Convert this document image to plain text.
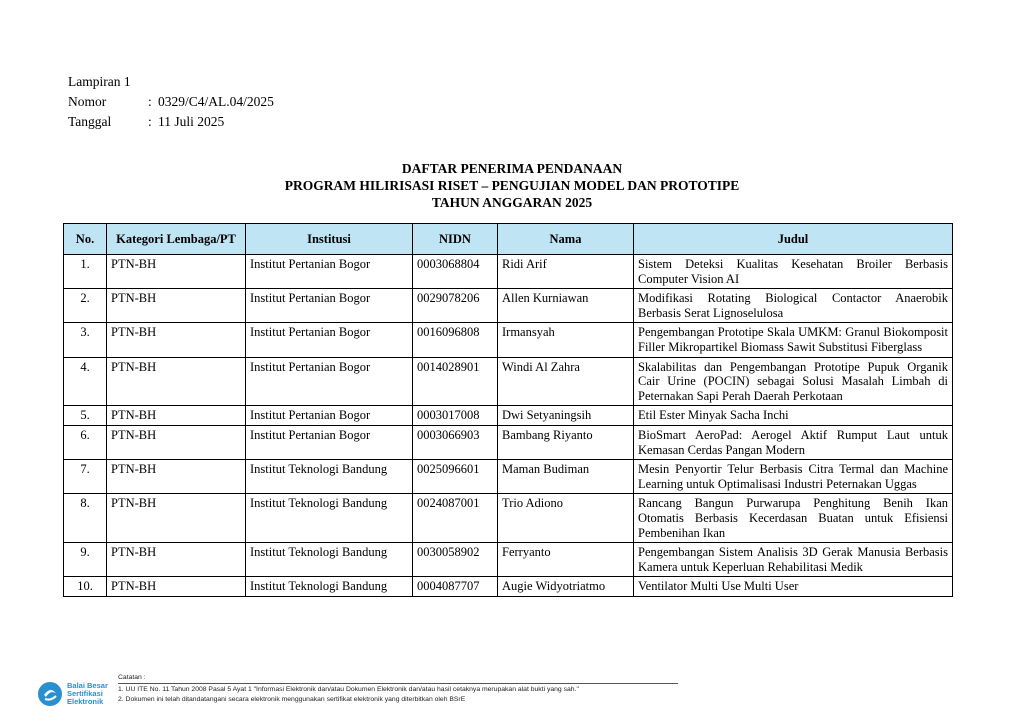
Lampiran 1
Nomor	: 0329/C4/AL.04/2025
Tanggal	: 11 Juli 2025
DAFTAR PENERIMA PENDANAAN
PROGRAM HILIRISASI RISET – PENGUJIAN MODEL DAN PROTOTIPE
TAHUN ANGGARAN 2025
No.	Kategori Lembaga/PT	Institusi	NIDN	Nama	Judul
1.	PTN-BH	Institut Pertanian Bogor	0003068804	Ridi Arif	Sistem Deteksi Kualitas Kesehatan Broiler Berbasis Computer Vision AI
2.	PTN-BH	Institut Pertanian Bogor	0029078206	Allen Kurniawan	Modifikasi Rotating Biological Contactor Anaerobik Berbasis Serat Lignoselulosa
3.	PTN-BH	Institut Pertanian Bogor	0016096808	Irmansyah	Pengembangan Prototipe Skala UMKM: Granul Biokomposit Filler Mikropartikel Biomass Sawit Substitusi Fiberglass
4.	PTN-BH	Institut Pertanian Bogor	0014028901	Windi Al Zahra	Skalabilitas dan Pengembangan Prototipe Pupuk Organik Cair Urine (POCIN) sebagai Solusi Masalah Limbah di Peternakan Sapi Perah Daerah Perkotaan
5.	PTN-BH	Institut Pertanian Bogor	0003017008	Dwi Setyaningsih	Etil Ester Minyak Sacha Inchi
6.	PTN-BH	Institut Pertanian Bogor	0003066903	Bambang Riyanto	BioSmart AeroPad: Aerogel Aktif Rumput Laut untuk Kemasan Cerdas Pangan Modern
7.	PTN-BH	Institut Teknologi Bandung	0025096601	Maman Budiman	Mesin Penyortir Telur Berbasis Citra Termal dan Machine Learning untuk Optimalisasi Industri Peternakan Uggas
8.	PTN-BH	Institut Teknologi Bandung	0024087001	Trio Adiono	Rancang Bangun Purwarupa Penghitung Benih Ikan Otomatis Berbasis Kecerdasan Buatan untuk Efisiensi Pembenihan Ikan
9.	PTN-BH	Institut Teknologi Bandung	0030058902	Ferryanto	Pengembangan Sistem Analisis 3D Gerak Manusia Berbasis Kamera untuk Keperluan Rehabilitasi Medik
10.	PTN-BH	Institut Teknologi Bandung	0004087707	Augie Widyotriatmo	Ventilator Multi Use Multi User
Balai Besar
Sertifikasi
Elektronik
Catatan :
1. UU ITE No. 11 Tahun 2008 Pasal 5 Ayat 1 "Informasi Elektronik dan/atau Dokumen Elektronik dan/atau hasil cetaknya merupakan alat bukti yang sah."
2. Dokumen ini telah ditandatangani secara elektronik menggunakan sertifikat elektronik yang diterbitkan oleh BSrE
